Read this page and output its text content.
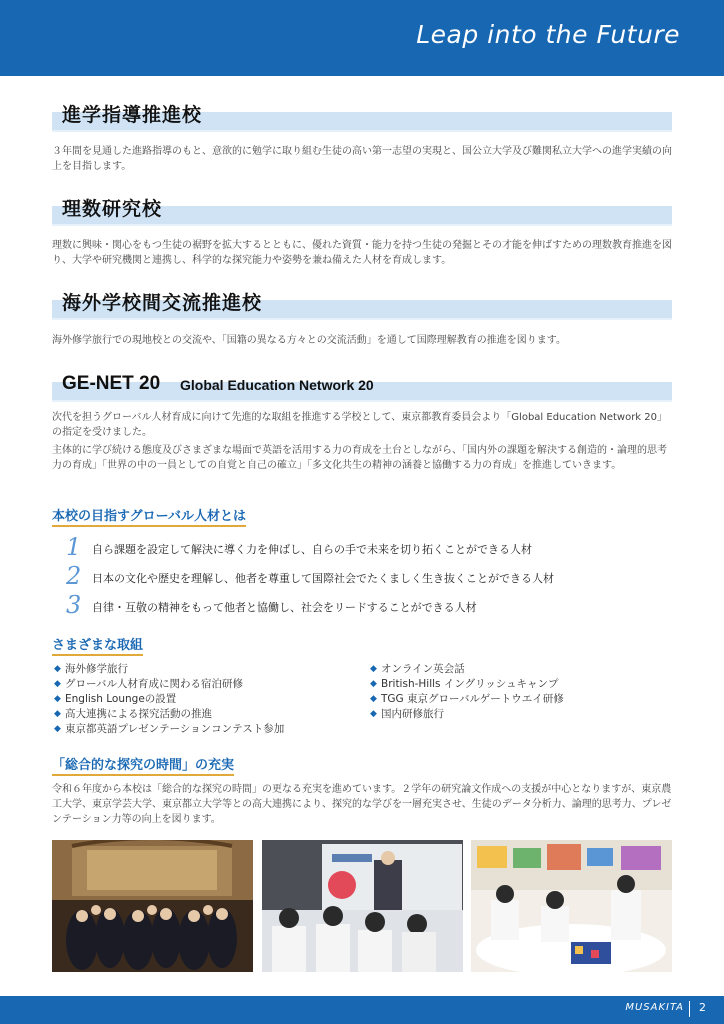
Leap into the Future
進学指導推進校
３年間を見通した進路指導のもと、意欲的に勉学に取り組む生徒の高い第一志望の実現と、国公立大学及び難関私立大学への進学実績の向上を目指します。
理数研究校
理数に興味・関心をもつ生徒の裾野を拡大するとともに、優れた資質・能力を持つ生徒の発掘とその才能を伸ばすための理数教育推進を図り、大学や研究機関と連携し、科学的な探究能力や姿勢を兼ね備えた人材を育成します。
海外学校間交流推進校
海外修学旅行での現地校との交流や、「国籍の異なる方々との交流活動」を通して国際理解教育の推進を図ります。
GE-NET 20 Global Education Network 20
次代を担うグローバル人材育成に向けて先進的な取組を推進する学校として、東京都教育委員会より「Global Education Network 20」の指定を受けました。
主体的に学び続ける態度及びさまざまな場面で英語を活用する力の育成を土台としながら、「国内外の課題を解決する創造的・論理的思考力の育成」「世界の中の一員としての自覚と自己の確立」「多文化共生の精神の涵養と協働する力の育成」を推進していきます。
本校の目指すグローバル人材とは
1 自ら課題を設定して解決に導く力を伸ばし、自らの手で未来を切り拓くことができる人材
2 日本の文化や歴史を理解し、他者を尊重して国際社会でたくましく生き抜くことができる人材
3 自律・互敬の精神をもって他者と協働し、社会をリードすることができる人材
さまざまな取組
◆ 海外修学旅行
◆ グローバル人材育成に関わる宿泊研修
◆ English Loungeの設置
◆ 高大連携による探究活動の推進
◆ 東京都英語プレゼンテーションコンテスト参加
◆ オンライン英会話
◆ British-Hills イングリッシュキャンプ
◆ TGG 東京グローバルゲートウエイ研修
◆ 国内研修旅行
「総合的な探究の時間」の充実
令和６年度から本校は「総合的な探究の時間」の更なる充実を進めています。２学年の研究論文作成への支援が中心となりますが、東京農工大学、東京学芸大学、東京都立大学等との高大連携により、探究的な学びを一層充実させ、生徒のデータ分析力、論理的思考力、プレゼンテーション力等の向上を図ります。
MUSAKITA 2
